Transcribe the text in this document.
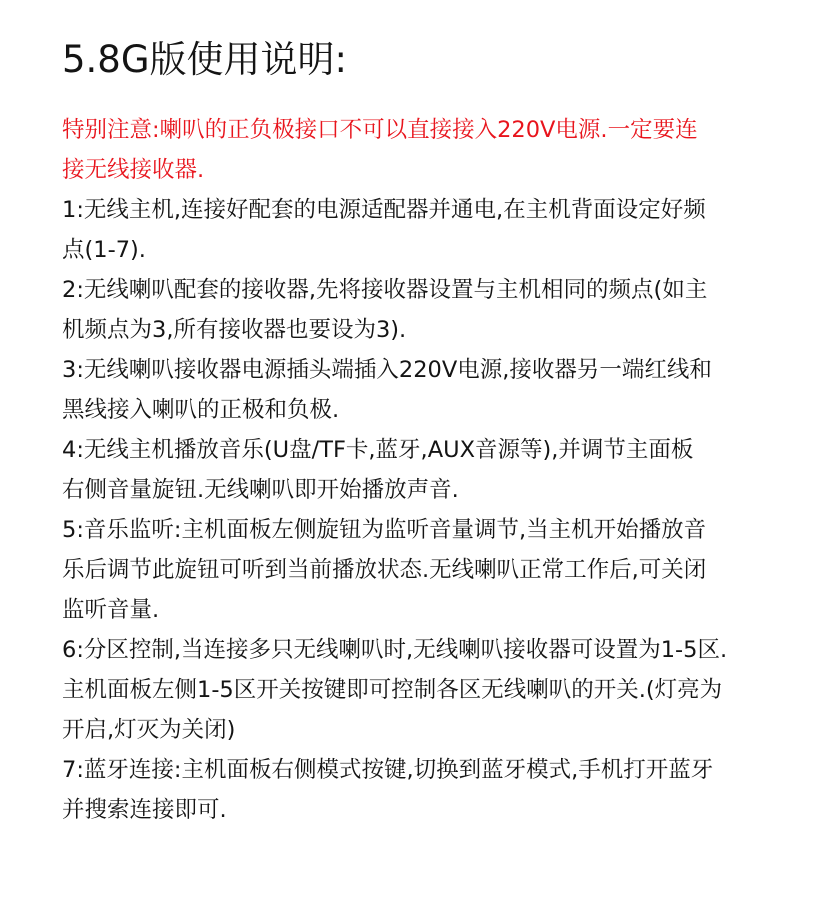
5.8G版使用说明:
特别注意:喇叭的正负极接口不可以直接接入220V电源.一定要连
接无线接收器.
1:无线主机,连接好配套的电源适配器并通电,在主机背面设定好频
点(1-7).
2:无线喇叭配套的接收器,先将接收器设置与主机相同的频点(如主
机频点为3,所有接收器也要设为3).
3:无线喇叭接收器电源插头端插入220V电源,接收器另一端红线和
黑线接入喇叭的正极和负极.
4:无线主机播放音乐(U盘/TF卡,蓝牙,AUX音源等),并调节主面板
右侧音量旋钮.无线喇叭即开始播放声音.
5:音乐监听:主机面板左侧旋钮为监听音量调节,当主机开始播放音
乐后调节此旋钮可听到当前播放状态.无线喇叭正常工作后,可关闭
监听音量.
6:分区控制,当连接多只无线喇叭时,无线喇叭接收器可设置为1-5区.
主机面板左侧1-5区开关按键即可控制各区无线喇叭的开关.(灯亮为
开启,灯灭为关闭)
7:蓝牙连接:主机面板右侧模式按键,切换到蓝牙模式,手机打开蓝牙
并搜索连接即可.
